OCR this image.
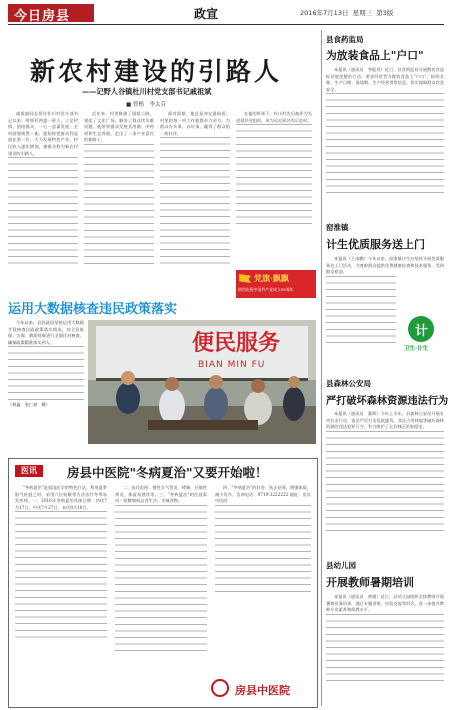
今日房县	政宣	2016年7月13日 星期三 第3版
新农村建设的引路人
——记野人谷镇杜川村党支部书记戚祖斌
■ 曾楷　李太芬

戚祖斌同志担任杜川村党支部书记以来，带领村两委一班人，立足村情，团结群众，一心一意谋发展，全村面貌焕然一新。他始终把群众利益放在第一位，大力发展特色产业，村民收入逐年增加，被群众称为新农村建设的引路人。

近年来，村里修通了通组公路，建起了文化广场，解决了群众饮水难问题。他带领群众发展食用菌、中药材和生态养殖，走出了一条产业富民的新路子。

面对困难，他总是冲在最前面。村里的每一项工作他都亲力亲为，为群众办实事、办好事，赢得了群众的一致好评。

在他的带领下，杜川村先后被评为先进基层党组织，成为远近闻名的示范村。

党旗·飘飘
热烈庆祝中国共产党成立95周年
运用大数据核查违民政策落实

今年以来，县民政局坚持运用大数据手段核查民政政策落实情况，对全县低保、五保、救助对象进行全面比对核查，确保政策精准落实到人。

（柯鑫　张仁斌　摄）
便民服务
BIAN MIN FU
医讯	房县中医院"冬病夏治"又要开始啦！

"冬病夏治"是祖国医学的特色疗法，利用夏季阳气旺盛之时，采用穴位贴敷等方法治疗冬季易发疾病。一、2016年冬病夏治具体日期：初伏7月17日，中伏7月27日，末伏8月16日。

二、治疗范围：慢性支气管炎、哮喘、过敏性鼻炎、体虚易感冒等。三、"冬病夏治"的注意事项：贴敷期间忌食生冷、辛辣食物。

四、"冬病夏治"的好处：扶正祛邪，增强体质，减少发作。咨询电话：0719-3222222 地址：房县中医院

房县中医院
县食药监局
为放装食品上"户口"

本报讯（通讯员　李能发）近日，县食药监局开展散装食品标识规范整治行动，要求经营者为散装食品上"户口"，标明名称、生产日期、保质期、生产经营者等信息，切实保障群众饮食安全。

窑淮镇
计生优质服务送上门

本报讯（王南鹏）今年以来，窑淮镇计生办坚持开展优质服务送上门活动，为育龄群众提供免费健康检查和技术服务，受到群众欢迎。

计
卫生·计生
县森林公安局
严打破坏森林资源违法行为

本报讯（通讯员　董辉）今年上半年，县森林公安局开展专项打击行动，依法严厉打击乱砍滥伐、非法占用林地等破坏森林资源的违法犯罪行为，有力维护了全县林区治安稳定。

县幼儿园
开展教师暑期培训

本报讯（通讯员　黄媛）近日，县幼儿园组织全体教师开展暑期业务培训，通过专题讲座、经验交流等形式，进一步提升教师专业素养和保教水平。
